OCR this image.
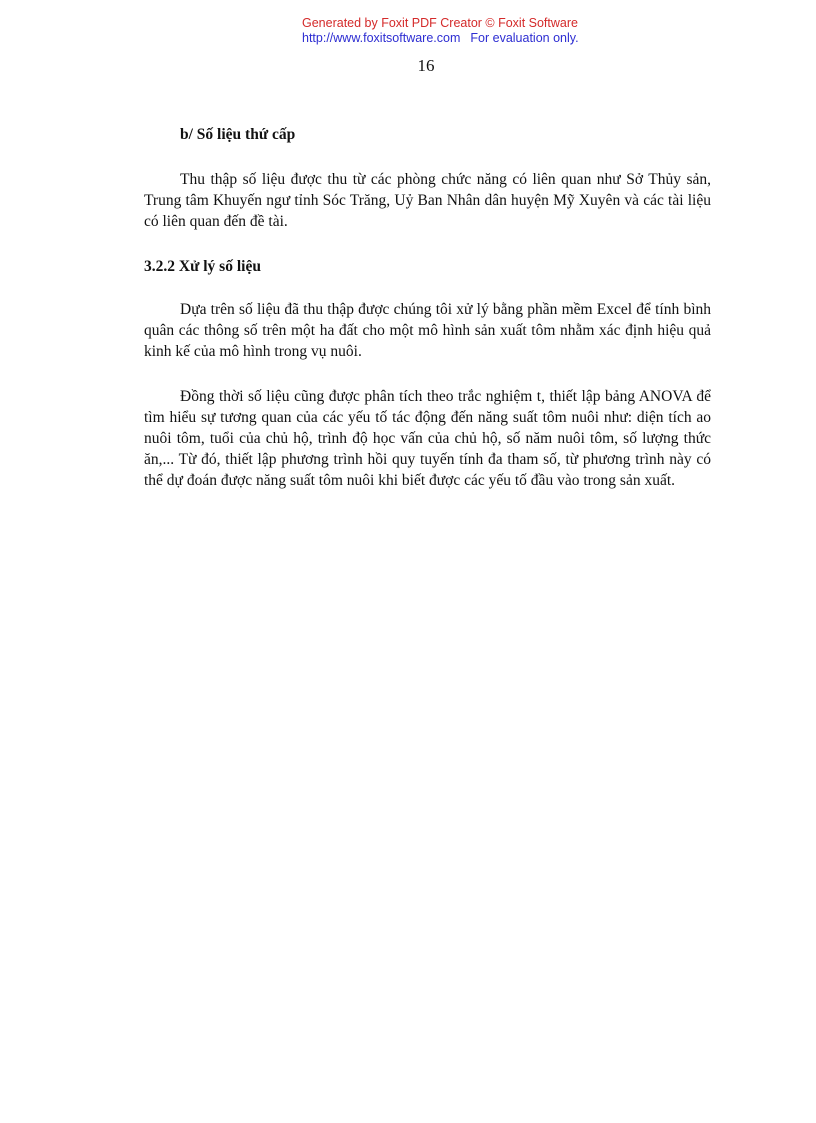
Generated by Foxit PDF Creator © Foxit Software
http://www.foxitsoftware.com For evaluation only.
16
b/ Số liệu thứ cấp

Thu thập số liệu được thu từ các phòng chức năng có liên quan như Sở Thủy sản, Trung tâm Khuyến ngư tỉnh Sóc Trăng, Uỷ Ban Nhân dân huyện Mỹ Xuyên và các tài liệu có liên quan đến đề tài.

3.2.2 Xử lý số liệu

Dựa trên số liệu đã thu thập được chúng tôi xử lý bằng phần mềm Excel để tính bình quân các thông số trên một ha đất cho một mô hình sản xuất tôm nhằm xác định hiệu quả kinh kế của mô hình trong vụ nuôi.

Đồng thời số liệu cũng được phân tích theo trắc nghiệm t, thiết lập bảng ANOVA để tìm hiểu sự tương quan của các yếu tố tác động đến năng suất tôm nuôi như: diện tích ao nuôi tôm, tuổi của chủ hộ, trình độ học vấn của chủ hộ, số năm nuôi tôm, số lượng thức ăn,... Từ đó, thiết lập phương trình hồi quy tuyến tính đa tham số, từ phương trình này có thể dự đoán được năng suất tôm nuôi khi biết được các yếu tố đầu vào trong sản xuất.
